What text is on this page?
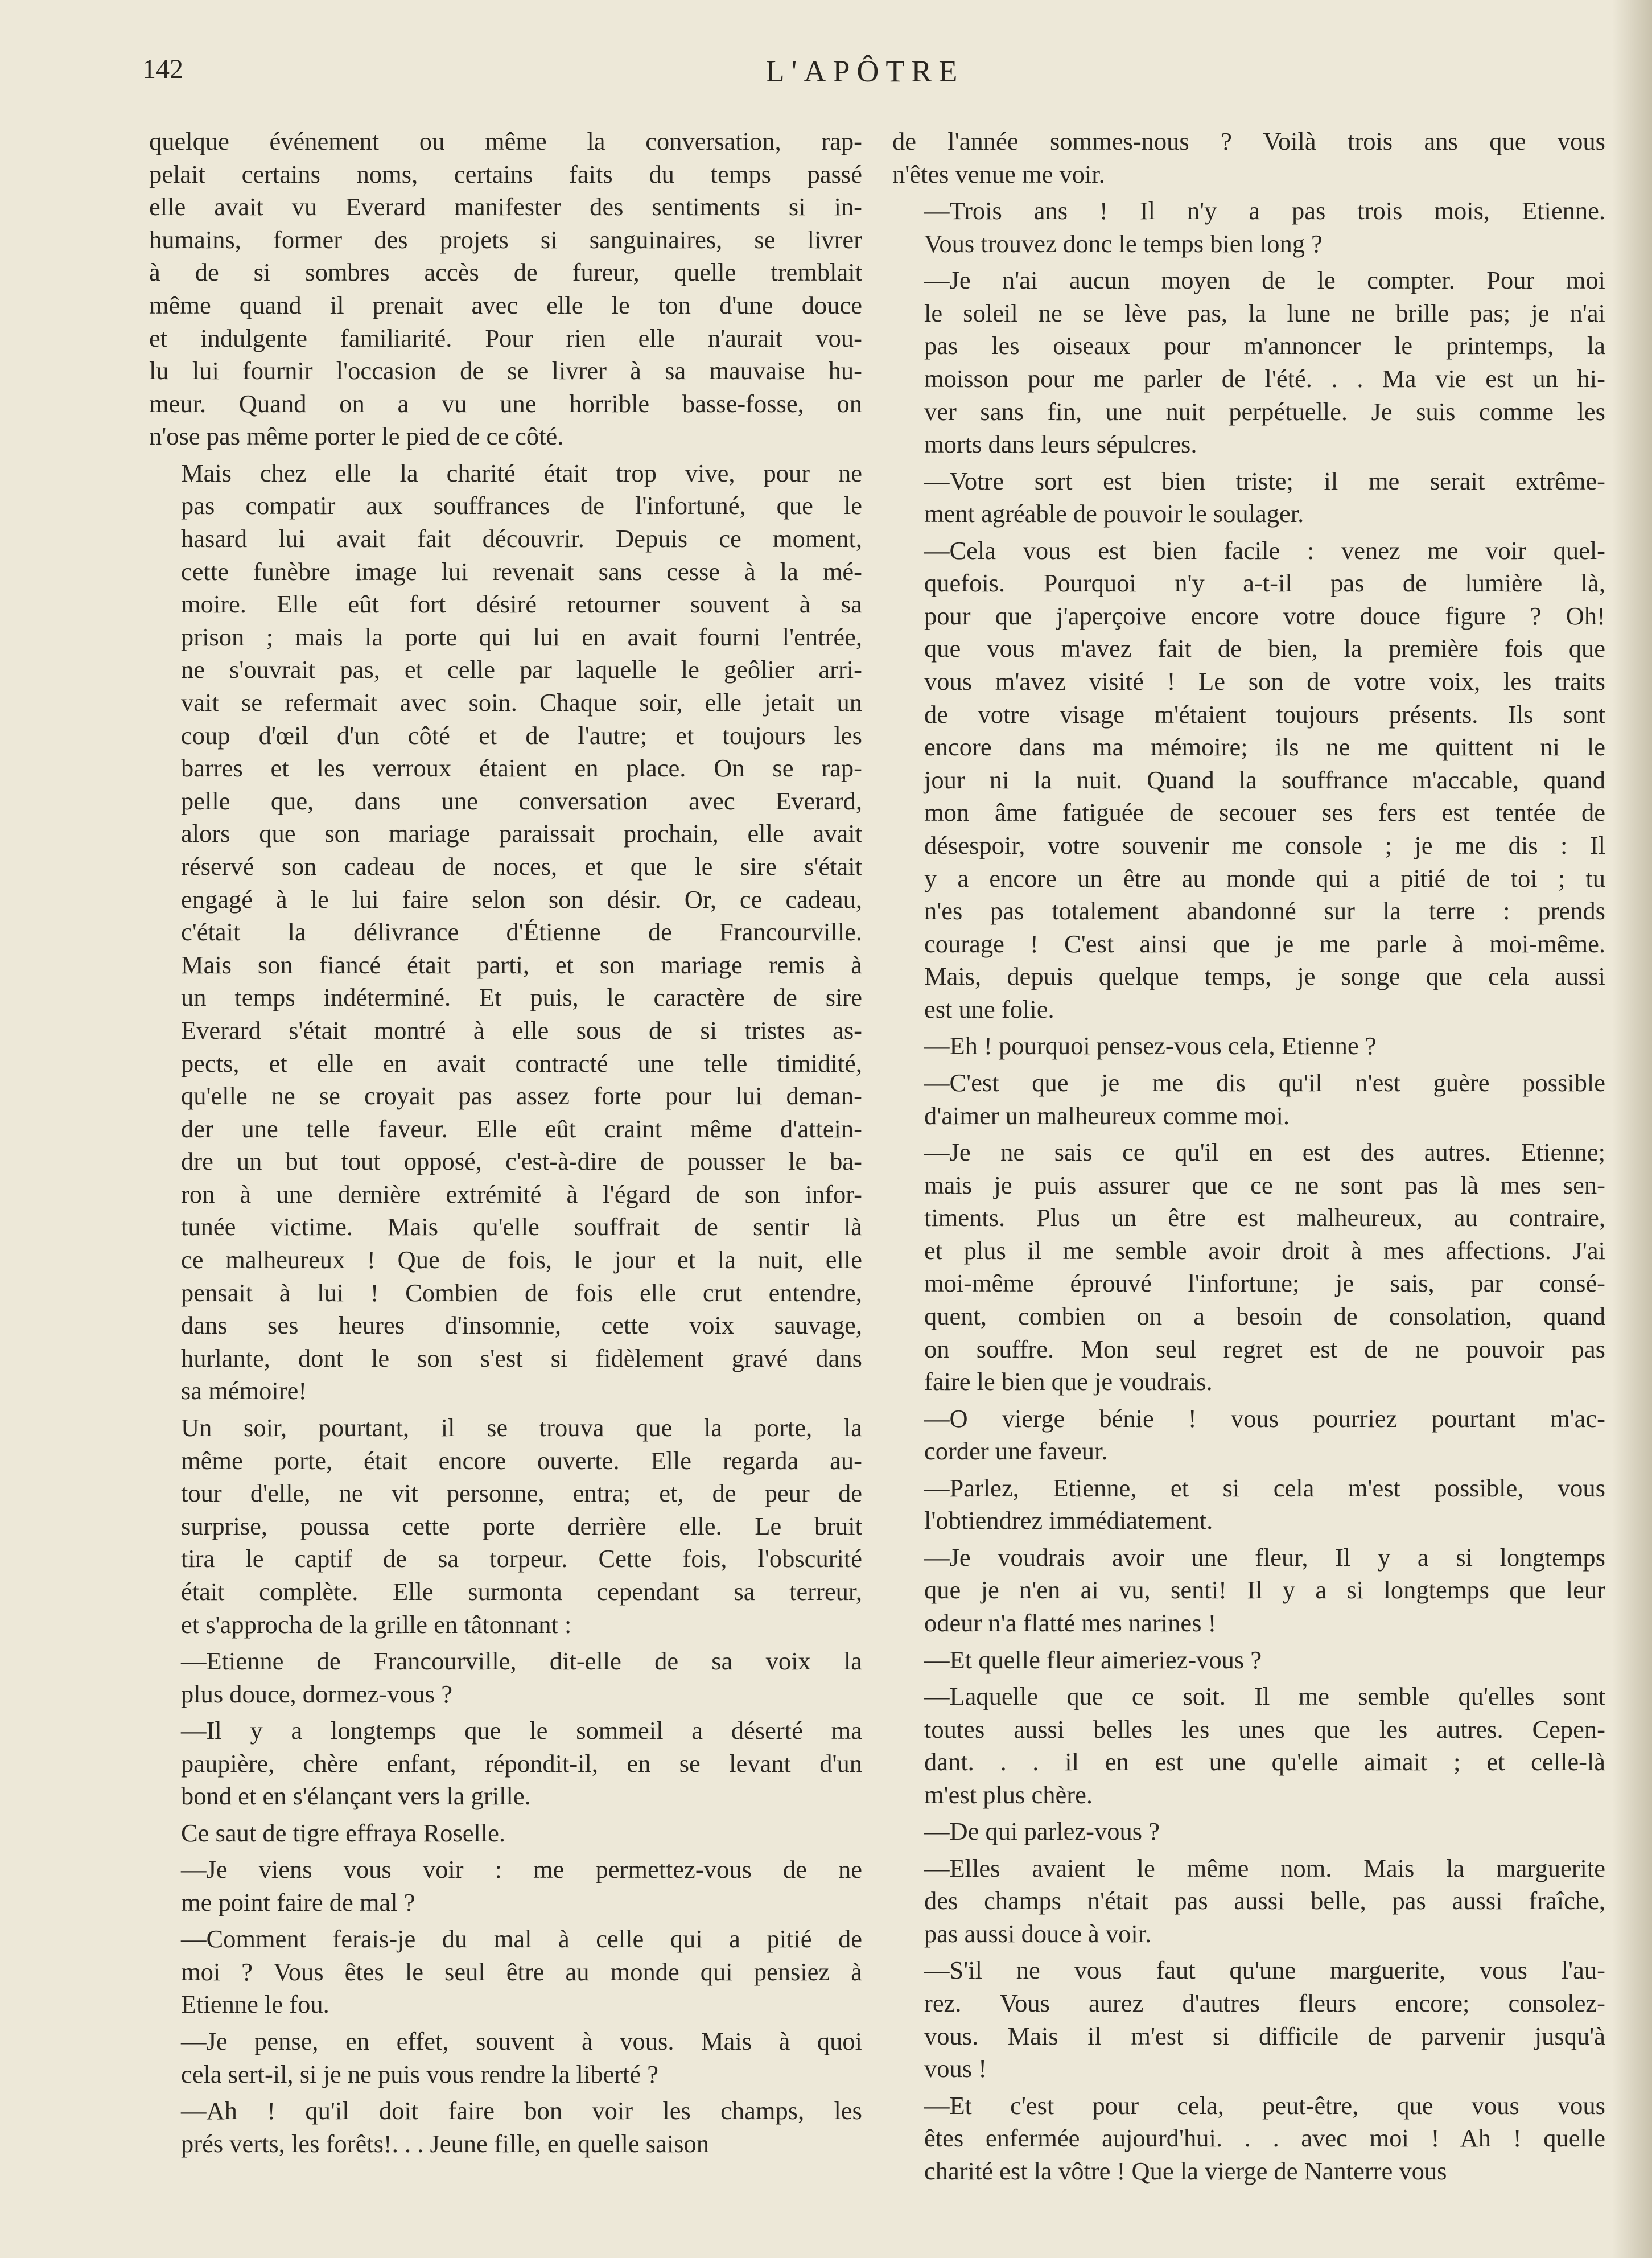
142	L'APÔTRE
quelque événement ou même la conversation, rap-
pelait certains noms, certains faits du temps passé
elle avait vu Everard manifester des sentiments si in-
humains, former des projets si sanguinaires, se livrer
à de si sombres accès de fureur, quelle tremblait
même quand il prenait avec elle le ton d'une douce
et indulgente familiarité. Pour rien elle n'aurait vou-
lu lui fournir l'occasion de se livrer à sa mauvaise hu-
meur. Quand on a vu une horrible basse-fosse, on
n'ose pas même porter le pied de ce côté.
Mais chez elle la charité était trop vive, pour ne
pas compatir aux souffrances de l'infortuné, que le
hasard lui avait fait découvrir. Depuis ce moment,
cette funèbre image lui revenait sans cesse à la mé-
moire. Elle eût fort désiré retourner souvent à sa
prison ; mais la porte qui lui en avait fourni l'entrée,
ne s'ouvrait pas, et celle par laquelle le geôlier arri-
vait se refermait avec soin. Chaque soir, elle jetait un
coup d'œil d'un côté et de l'autre; et toujours les
barres et les verroux étaient en place. On se rap-
pelle que, dans une conversation avec Everard,
alors que son mariage paraissait prochain, elle avait
réservé son cadeau de noces, et que le sire s'était
engagé à le lui faire selon son désir. Or, ce cadeau,
c'était la délivrance d'Étienne de Francourville.
Mais son fiancé était parti, et son mariage remis à
un temps indéterminé. Et puis, le caractère de sire
Everard s'était montré à elle sous de si tristes as-
pects, et elle en avait contracté une telle timidité,
qu'elle ne se croyait pas assez forte pour lui deman-
der une telle faveur. Elle eût craint même d'attein-
dre un but tout opposé, c'est-à-dire de pousser le ba-
ron à une dernière extrémité à l'égard de son infor-
tunée victime. Mais qu'elle souffrait de sentir là
ce malheureux ! Que de fois, le jour et la nuit, elle
pensait à lui ! Combien de fois elle crut entendre,
dans ses heures d'insomnie, cette voix sauvage,
hurlante, dont le son s'est si fidèlement gravé dans
sa mémoire!
Un soir, pourtant, il se trouva que la porte, la
même porte, était encore ouverte. Elle regarda au-
tour d'elle, ne vit personne, entra; et, de peur de
surprise, poussa cette porte derrière elle. Le bruit
tira le captif de sa torpeur. Cette fois, l'obscurité
était complète. Elle surmonta cependant sa terreur,
et s'approcha de la grille en tâtonnant :
—Etienne de Francourville, dit-elle de sa voix la
plus douce, dormez-vous ?
—Il y a longtemps que le sommeil a déserté ma
paupière, chère enfant, répondit-il, en se levant d'un
bond et en s'élançant vers la grille.
Ce saut de tigre effraya Roselle.
—Je viens vous voir : me permettez-vous de ne
me point faire de mal ?
—Comment ferais-je du mal à celle qui a pitié de
moi ? Vous êtes le seul être au monde qui pensiez à
Etienne le fou.
—Je pense, en effet, souvent à vous. Mais à quoi
cela sert-il, si je ne puis vous rendre la liberté ?
—Ah ! qu'il doit faire bon voir les champs, les
prés verts, les forêts!. . . Jeune fille, en quelle saison
de l'année sommes-nous ? Voilà trois ans que vous
n'êtes venue me voir.
—Trois ans ! Il n'y a pas trois mois, Etienne.
Vous trouvez donc le temps bien long ?
—Je n'ai aucun moyen de le compter. Pour moi
le soleil ne se lève pas, la lune ne brille pas; je n'ai
pas les oiseaux pour m'annoncer le printemps, la
moisson pour me parler de l'été. . . Ma vie est un hi-
ver sans fin, une nuit perpétuelle. Je suis comme les
morts dans leurs sépulcres.
—Votre sort est bien triste; il me serait extrême-
ment agréable de pouvoir le soulager.
—Cela vous est bien facile : venez me voir quel-
quefois. Pourquoi n'y a-t-il pas de lumière là,
pour que j'aperçoive encore votre douce figure ? Oh!
que vous m'avez fait de bien, la première fois que
vous m'avez visité ! Le son de votre voix, les traits
de votre visage m'étaient toujours présents. Ils sont
encore dans ma mémoire; ils ne me quittent ni le
jour ni la nuit. Quand la souffrance m'accable, quand
mon âme fatiguée de secouer ses fers est tentée de
désespoir, votre souvenir me console ; je me dis : Il
y a encore un être au monde qui a pitié de toi ; tu
n'es pas totalement abandonné sur la terre : prends
courage ! C'est ainsi que je me parle à moi-même.
Mais, depuis quelque temps, je songe que cela aussi
est une folie.
—Eh ! pourquoi pensez-vous cela, Etienne ?
—C'est que je me dis qu'il n'est guère possible
d'aimer un malheureux comme moi.
—Je ne sais ce qu'il en est des autres. Etienne;
mais je puis assurer que ce ne sont pas là mes sen-
timents. Plus un être est malheureux, au contraire,
et plus il me semble avoir droit à mes affections. J'ai
moi-même éprouvé l'infortune; je sais, par consé-
quent, combien on a besoin de consolation, quand
on souffre. Mon seul regret est de ne pouvoir pas
faire le bien que je voudrais.
—O vierge bénie ! vous pourriez pourtant m'ac-
corder une faveur.
—Parlez, Etienne, et si cela m'est possible, vous
l'obtiendrez immédiatement.
—Je voudrais avoir une fleur, Il y a si longtemps
que je n'en ai vu, senti! Il y a si longtemps que leur
odeur n'a flatté mes narines !
—Et quelle fleur aimeriez-vous ?
—Laquelle que ce soit. Il me semble qu'elles sont
toutes aussi belles les unes que les autres. Cepen-
dant. . . il en est une qu'elle aimait ; et celle-là
m'est plus chère.
—De qui parlez-vous ?
—Elles avaient le même nom. Mais la marguerite
des champs n'était pas aussi belle, pas aussi fraîche,
pas aussi douce à voir.
—S'il ne vous faut qu'une marguerite, vous l'au-
rez. Vous aurez d'autres fleurs encore; consolez-
vous. Mais il m'est si difficile de parvenir jusqu'à
vous !
—Et c'est pour cela, peut-être, que vous vous
êtes enfermée aujourd'hui. . . avec moi ! Ah ! quelle
charité est la vôtre ! Que la vierge de Nanterre vous
